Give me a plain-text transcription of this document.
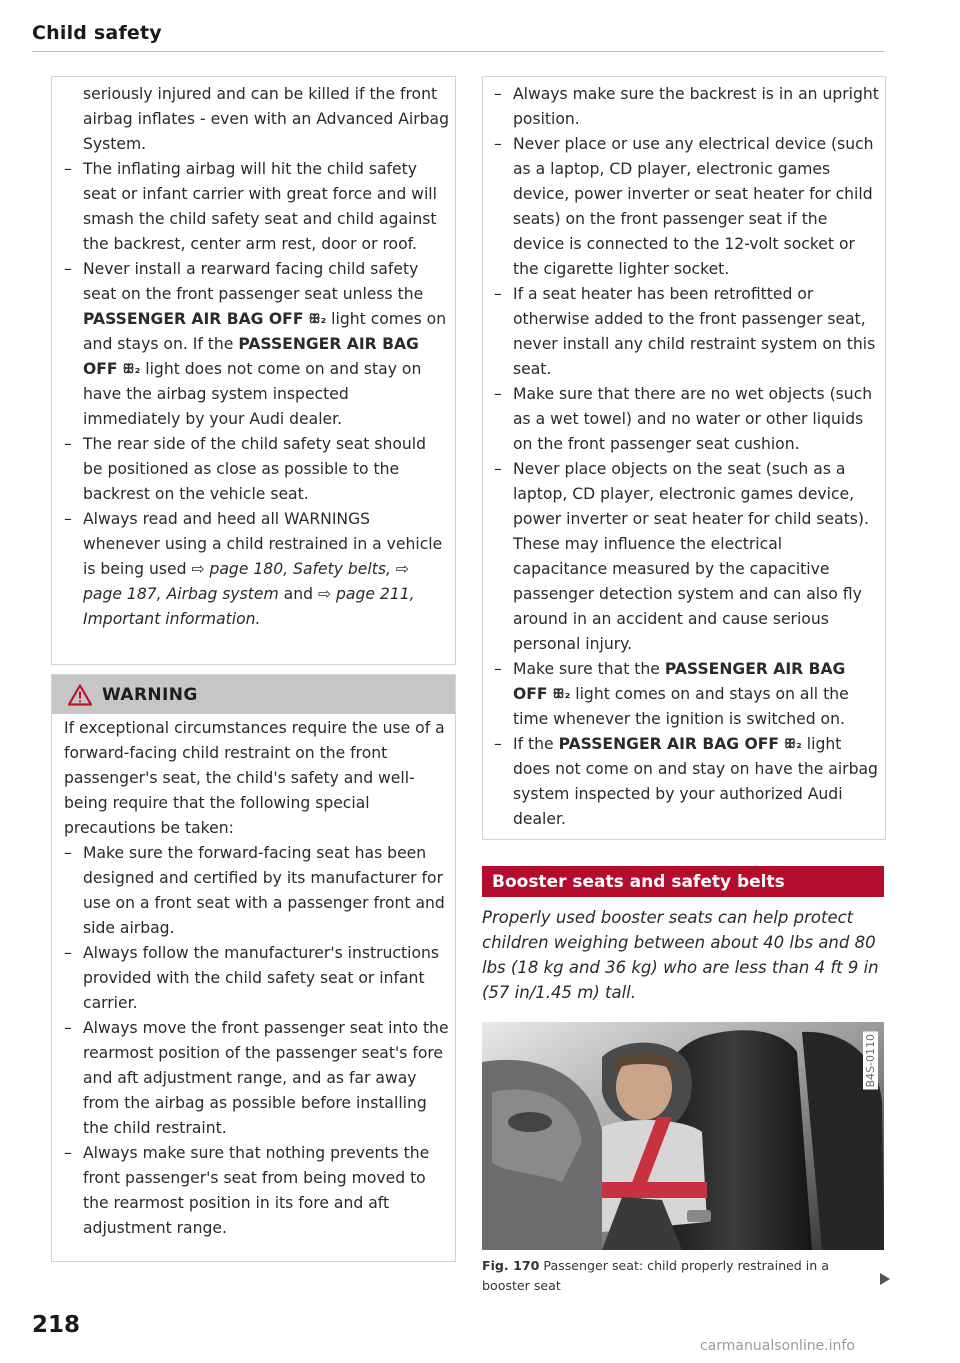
Child safety

seriously injured and can be killed if the front airbag inflates - even with an Advanced Airbag System.

– The inflating airbag will hit the child safety seat or infant carrier with great force and will smash the child safety seat and child against the backrest, center arm rest, door or roof.

– Never install a rearward facing child safety seat on the front passenger seat unless the PASSENGER AIR BAG OFF ꕥ₂ light comes on and stays on. If the PASSENGER AIR BAG OFF ꕥ₂ light does not come on and stay on have the airbag system inspected immediately by your Audi dealer.

– The rear side of the child safety seat should be positioned as close as possible to the backrest on the vehicle seat.

– Always read and heed all WARNINGS whenever using a child restrained in a vehicle is being used ⇨ page 180, Safety belts, ⇨ page 187, Airbag system and ⇨ page 211, Important information.

WARNING

If exceptional circumstances require the use of a forward-facing child restraint on the front passenger's seat, the child's safety and well-being require that the following special precautions be taken:

– Make sure the forward-facing seat has been designed and certified by its manufacturer for use on a front seat with a passenger front and side airbag.

– Always follow the manufacturer's instructions provided with the child safety seat or infant carrier.

– Always move the front passenger seat into the rearmost position of the passenger seat's fore and aft adjustment range, and as far away from the airbag as possible before installing the child restraint.

– Always make sure that nothing prevents the front passenger's seat from being moved to the rearmost position in its fore and aft adjustment range.

– Always make sure the backrest is in an upright position.

– Never place or use any electrical device (such as a laptop, CD player, electronic games device, power inverter or seat heater for child seats) on the front passenger seat if the device is connected to the 12-volt socket or the cigarette lighter socket.

– If a seat heater has been retrofitted or otherwise added to the front passenger seat, never install any child restraint system on this seat.

– Make sure that there are no wet objects (such as a wet towel) and no water or other liquids on the front passenger seat cushion.

– Never place objects on the seat (such as a laptop, CD player, electronic games device, power inverter or seat heater for child seats). These may influence the electrical capacitance measured by the capacitive passenger detection system and can also fly around in an accident and cause serious personal injury.

– Make sure that the PASSENGER AIR BAG OFF ꕥ₂ light comes on and stays on all the time whenever the ignition is switched on.

– If the PASSENGER AIR BAG OFF ꕥ₂ light does not come on and stay on have the airbag system inspected by your authorized Audi dealer.

Booster seats and safety belts
Properly used booster seats can help protect children weighing between about 40 lbs and 80 lbs (18 kg and 36 kg) who are less than 4 ft 9 in (57 in/1.45 m) tall.
B4S-0110
Fig. 170 Passenger seat: child properly restrained in a booster seat
218
carmanualsonline.info
